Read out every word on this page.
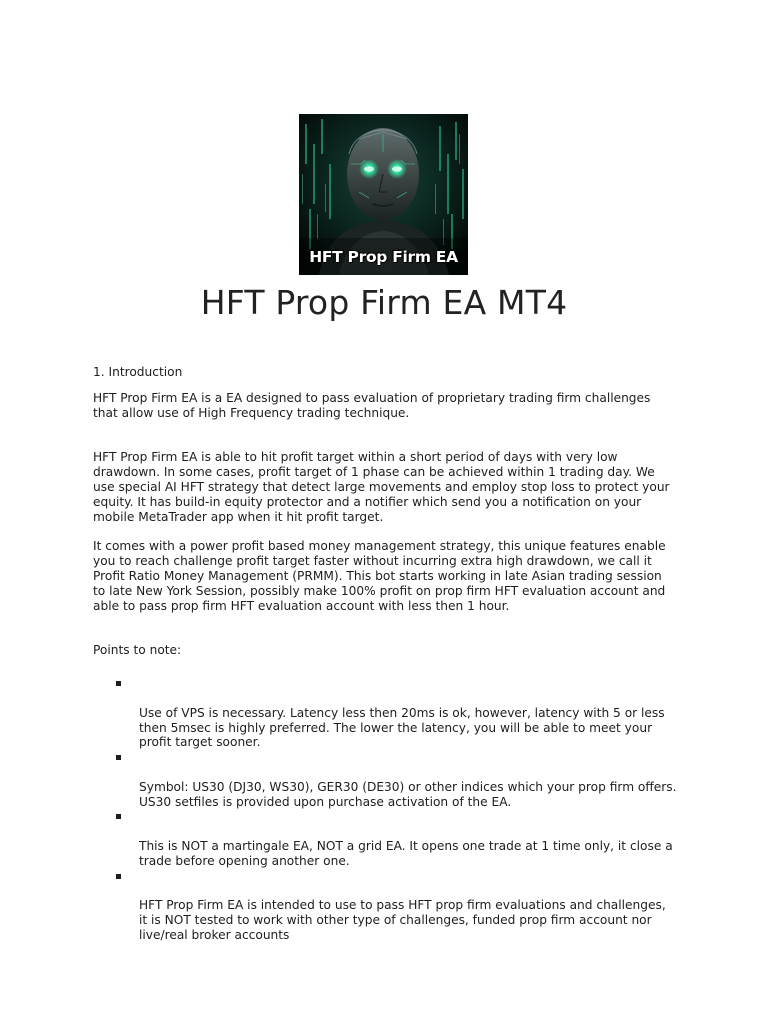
HFT Prop Firm EA
HFT Prop Firm EA MT4

1. Introduction

HFT Prop Firm EA is a EA designed to pass evaluation of proprietary trading firm challenges
that allow use of High Frequency trading technique.

HFT Prop Firm EA is able to hit profit target within a short period of days with very low
drawdown. In some cases, profit target of 1 phase can be achieved within 1 trading day. We
use special AI HFT strategy that detect large movements and employ stop loss to protect your
equity. It has build-in equity protector and a notifier which send you a notification on your
mobile MetaTrader app when it hit profit target.

It comes with a power profit based money management strategy, this unique features enable
you to reach challenge profit target faster without incurring extra high drawdown, we call it
Profit Ratio Money Management (PRMM). This bot starts working in late Asian trading session
to late New York Session, possibly make 100% profit on prop firm HFT evaluation account and
able to pass prop firm HFT evaluation account with less then 1 hour.

Points to note:

Use of VPS is necessary. Latency less then 20ms is ok, however, latency with 5 or less
then 5msec is highly preferred. The lower the latency, you will be able to meet your
profit target sooner.

Symbol: US30 (DJ30, WS30), GER30 (DE30) or other indices which your prop firm offers.
US30 setfiles is provided upon purchase activation of the EA.

This is NOT a martingale EA, NOT a grid EA. It opens one trade at 1 time only, it close a
trade before opening another one.

HFT Prop Firm EA is intended to use to pass HFT prop firm evaluations and challenges,
it is NOT tested to work with other type of challenges, funded prop firm account nor
live/real broker accounts
